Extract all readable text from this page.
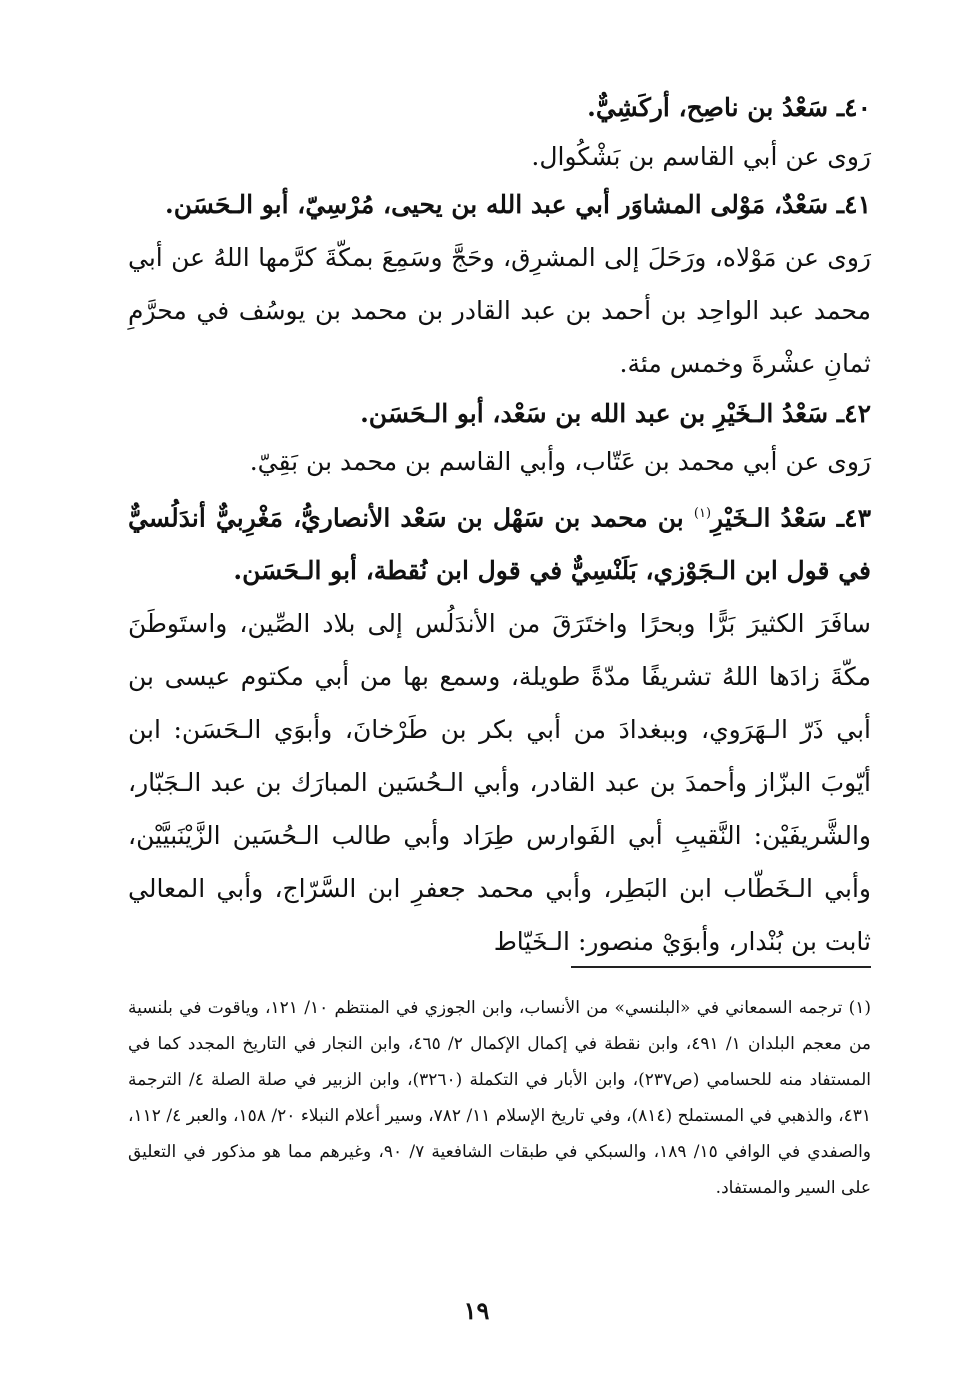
٤٠ـ سَعْدُ بن ناصِح، أركَشِيٌّ.

رَوى عن أبي القاسم بن بَشْكُوال.

٤١ـ سَعْدٌ، مَوْلى المشاوَر أبي عبد الله بن يحيى، مُرْسِيّ، أبو الـحَسَن.

رَوى عن مَوْلاه، ورَحَلَ إلى المشرِق، وحَجَّ وسَمِعَ بمكّةَ كرَّمها اللهُ عن أبي محمد عبد الواحِد بن أحمد بن عبد القادر بن محمد بن يوسُف في محرَّمِ ثمانِ عشْرةَ وخمس مئة.

٤٢ـ سَعْدُ الـخَيْرِ بن عبد الله بن سَعْد، أبو الـحَسَن.

رَوى عن أبي محمد بن عَتّاب، وأبي القاسم بن محمد بن بَقِيّ.

٤٣ـ سَعْدُ الـخَيْرِ$^{(١)}$ بن محمد بن سَهْل بن سَعْد الأنصاريُّ، مَغْرِبيٌّ أندَلُسيٌّ في قول ابن الـجَوْزي، بَلَنْسِيٌّ في قول ابن نُقطة، أبو الـحَسَن.

سافَرَ الكثيرَ بَرًّا وبحرًا واختَرَقَ من الأندَلُس إلى بلاد الصِّين، واستَوطَنَ مكّةَ زادَها اللهُ تشريفًا مدّةً طويلة، وسمع بها من أبي مكتوم عيسى بن أبي ذَرّ الـهَرَوي، وببغدادَ من أبي بكر بن طَرْخانَ، وأبوَي الـحَسَن: ابن أيّوبَ البزّاز وأحمدَ بن عبد القادر، وأبي الـحُسَين المبارَك بن عبد الـجَبّار، والشَّريفَيْن: النَّقيبِ أبي الفَوارس طِرَاد وأبي طالب الـحُسَين الزَّيْنَبيَّيْن، وأبي الـخَطّاب ابن البَطِر، وأبي محمد جعفرِ ابن السَّرّاج، وأبي المعالي ثابت بن بُنْدار، وأبوَيْ منصور: الـخَيّاط

(١) ترجمه السمعاني في «البلنسي» من الأنساب، وابن الجوزي في المنتظم ١٠/ ١٢١، وياقوت في بلنسية من معجم البلدان ١/ ٤٩١، وابن نقطة في إكمال الإكمال ٢/ ٤٦٥، وابن النجار في التاريخ المجدد كما في المستفاد منه للحسامي (ص٢٣٧)، وابن الأبار في التكملة (٣٢٦٠)، وابن الزبير في صلة الصلة ٤/ الترجمة ٤٣١، والذهبي في المستملح (٨١٤)، وفي تاريخ الإسلام ١١/ ٧٨٢، وسير أعلام النبلاء ٢٠/ ١٥٨، والعبر ٤/ ١١٢، والصفدي في الوافي ١٥/ ١٨٩، والسبكي في طبقات الشافعية ٧/ ٩٠، وغيرهم مما هو مذكور في التعليق على السير والمستفاد.
١٩
